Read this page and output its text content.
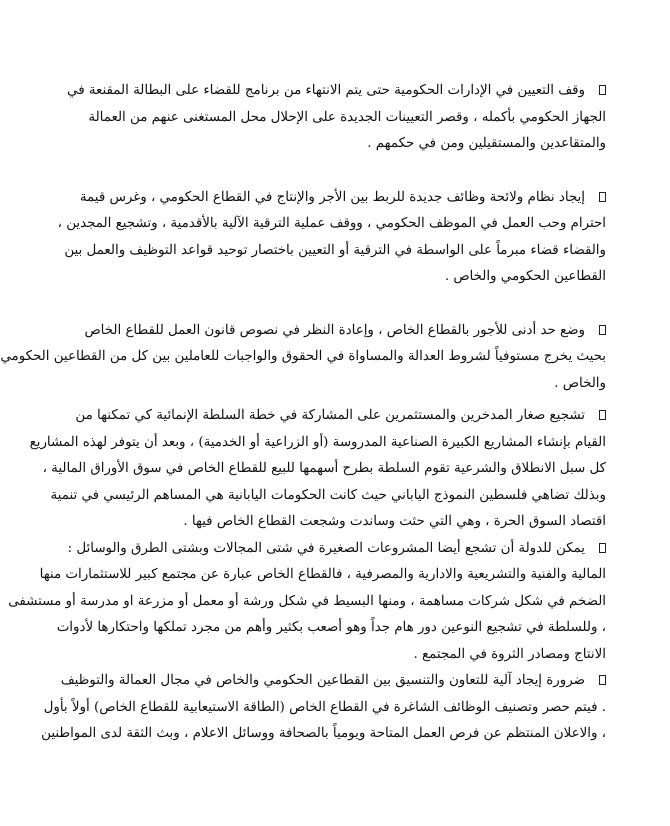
وقف التعيين في الإدارات الحكومية حتى يتم الانتهاء من برنامج للقضاء على البطالة المقنعة في
الجهاز الحكومي بأكمله ، وقصر التعيينات الجديدة على الإحلال محل المستغنى عنهم من العمالة
والمتقاعدين والمستقيلين ومن في حكمهم .
إيجاد نظام ولائحة وظائف جديدة للربط بين الأجر والإنتاج في القطاع الحكومي ، وغرس قيمة
احترام وحب العمل في الموظف الحكومي ، ووقف عملية الترقية الآلية بالأقدمية ، وتشجيع المجدين ،
والقضاء قضاء مبرماً على الواسطة في الترقية أو التعيين باختصار توحيد قواعد التوظيف والعمل بين
القطاعين الحكومي والخاص .
وضع حد أدنى للأجور بالقطاع الخاص ، وإعادة النظر في نصوص قانون العمل للقطاع الخاص
بحيث يخرج مستوفياً لشروط العدالة والمساواة في الحقوق والواجبات للعاملين بين كل من القطاعين الحكومي
والخاص .
تشجيع صغار المدخرين والمستثمرين على المشاركة في خطة السلطة الإنمائية كي تمكنها من
القيام بإنشاء المشاريع الكبيرة الصناعية المدروسة (أو الزراعية أو الخدمية) ، وبعد أن يتوفر لهذه المشاريع
كل سبل الانطلاق والشرعية تقوم السلطة بطرح أسهمها للبيع للقطاع الخاص في سوق الأوراق المالية ،
وبذلك تضاهي فلسطين النموذج الياباني حيث كانت الحكومات اليابانية هي المساهم الرئيسي في تنمية
اقتصاد السوق الحرة ، وهي التي حثت وساندت وشجعت القطاع الخاص فيها .
يمكن للدولة أن تشجع أيضا المشروعات الصغيرة في شتى المجالات وبشتى الطرق والوسائل :
المالية والفنية والتشريعية والادارية والمصرفية ، فالقطاع الخاص عبارة عن مجتمع كبير للاستثمارات منها
الضخم في شكل شركات مساهمة ، ومنها البسيط في شكل ورشة أو معمل أو مزرعة او مدرسة أو مستشفى
، وللسلطة في تشجيع النوعين دور هام جداً وهو أصعب بكثير وأهم من مجرد تملكها واحتكارها لأدوات
الانتاج ومصادر الثروة في المجتمع .
ضرورة إيجاد آلية للتعاون والتنسيق بين القطاعين الحكومي والخاص في مجال العمالة والتوظيف
. فيتم حصر وتصنيف الوظائف الشاغرة في القطاع الخاص (الطاقة الاستيعابية للقطاع الخاص) أولاً بأول
، والاعلان المنتظم عن فرص العمل المتاحة ويومياً بالصحافة ووسائل الاعلام ، وبث الثقة لدى المواطنين
